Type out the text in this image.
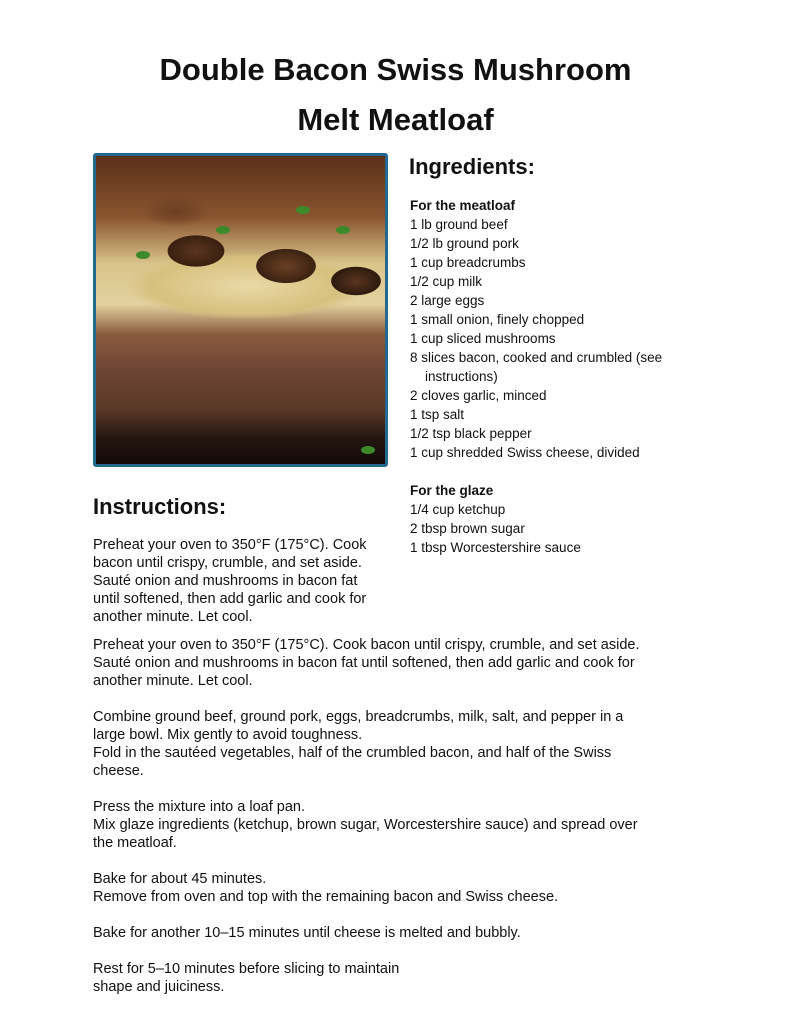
Double Bacon Swiss Mushroom
Melt Meatloaf
Ingredients:
For the meatloaf
1 lb ground beef
1/2 lb ground pork
1 cup breadcrumbs
1/2 cup milk
2 large eggs
1 small onion, finely chopped
1 cup sliced mushrooms
8 slices bacon, cooked and crumbled (see
instructions)
2 cloves garlic, minced
1 tsp salt
1/2 tsp black pepper
1 cup shredded Swiss cheese, divided
For the glaze
1/4 cup ketchup
2 tbsp brown sugar
1 tbsp Worcestershire sauce
Instructions:
Preheat your oven to 350°F (175°C). Cook
bacon until crispy, crumble, and set aside.
Sauté onion and mushrooms in bacon fat
until softened, then add garlic and cook for
another minute. Let cool.
Preheat your oven to 350°F (175°C). Cook bacon until crispy, crumble, and set aside.
Sauté onion and mushrooms in bacon fat until softened, then add garlic and cook for
another minute. Let cool.
Combine ground beef, ground pork, eggs, breadcrumbs, milk, salt, and pepper in a
large bowl. Mix gently to avoid toughness.
Fold in the sautéed vegetables, half of the crumbled bacon, and half of the Swiss
cheese.
Press the mixture into a loaf pan.
Mix glaze ingredients (ketchup, brown sugar, Worcestershire sauce) and spread over
the meatloaf.
Bake for about 45 minutes.
Remove from oven and top with the remaining bacon and Swiss cheese.
Bake for another 10–15 minutes until cheese is melted and bubbly.
Rest for 5–10 minutes before slicing to maintain
shape and juiciness.
